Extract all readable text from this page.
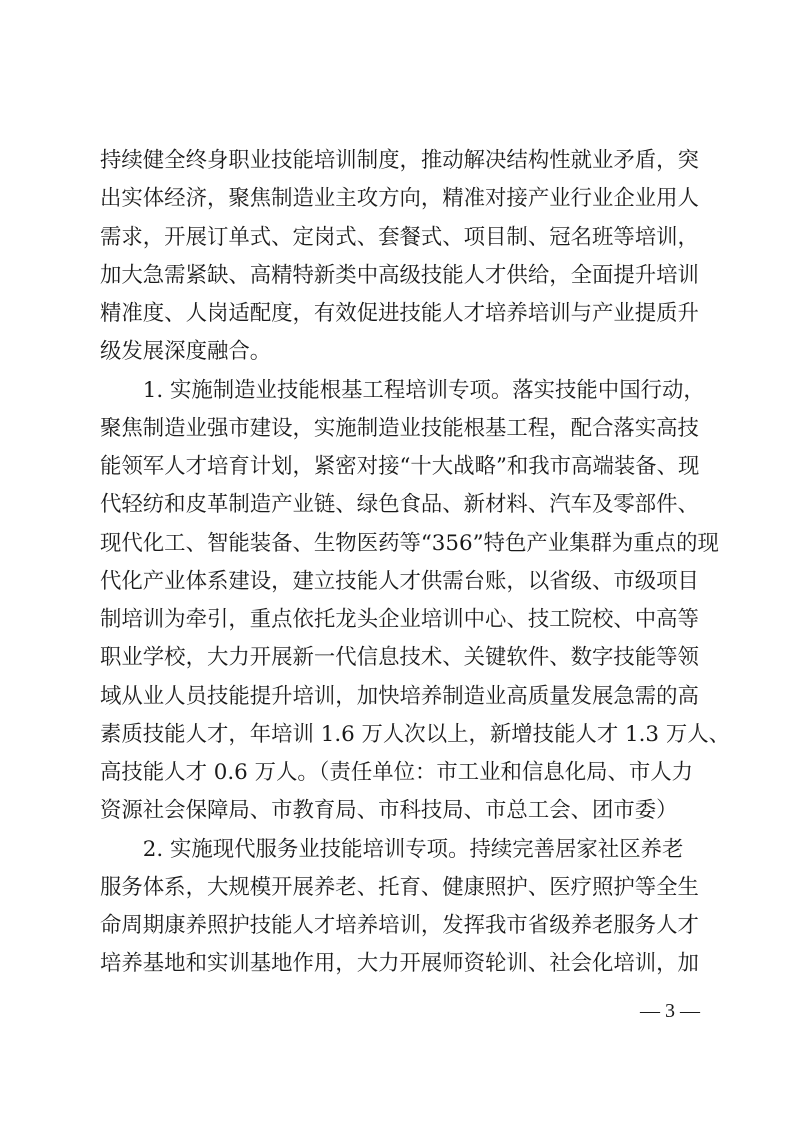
持续健全终身职业技能培训制度，推动解决结构性就业矛盾，突
出实体经济，聚焦制造业主攻方向，精准对接产业行业企业用人
需求，开展订单式、定岗式、套餐式、项目制、冠名班等培训，
加大急需紧缺、高精特新类中高级技能人才供给，全面提升培训
精准度、人岗适配度，有效促进技能人才培养培训与产业提质升
级发展深度融合。
　　1. 实施制造业技能根基工程培训专项。落实技能中国行动，
聚焦制造业强市建设，实施制造业技能根基工程，配合落实高技
能领军人才培育计划，紧密对接“十大战略”和我市高端装备、现
代轻纺和皮革制造产业链、绿色食品、新材料、汽车及零部件、
现代化工、智能装备、生物医药等“356”特色产业集群为重点的现
代化产业体系建设，建立技能人才供需台账，以省级、市级项目
制培训为牵引，重点依托龙头企业培训中心、技工院校、中高等
职业学校，大力开展新一代信息技术、关键软件、数字技能等领
域从业人员技能提升培训，加快培养制造业高质量发展急需的高
素质技能人才，年培训 1.6 万人次以上，新增技能人才 1.3 万人、
高技能人才 0.6 万人。（责任单位：市工业和信息化局、市人力
资源社会保障局、市教育局、市科技局、市总工会、团市委）
　　2. 实施现代服务业技能培训专项。持续完善居家社区养老
服务体系，大规模开展养老、托育、健康照护、医疗照护等全生
命周期康养照护技能人才培养培训，发挥我市省级养老服务人才
培养基地和实训基地作用，大力开展师资轮训、社会化培训，加
— 3 —
